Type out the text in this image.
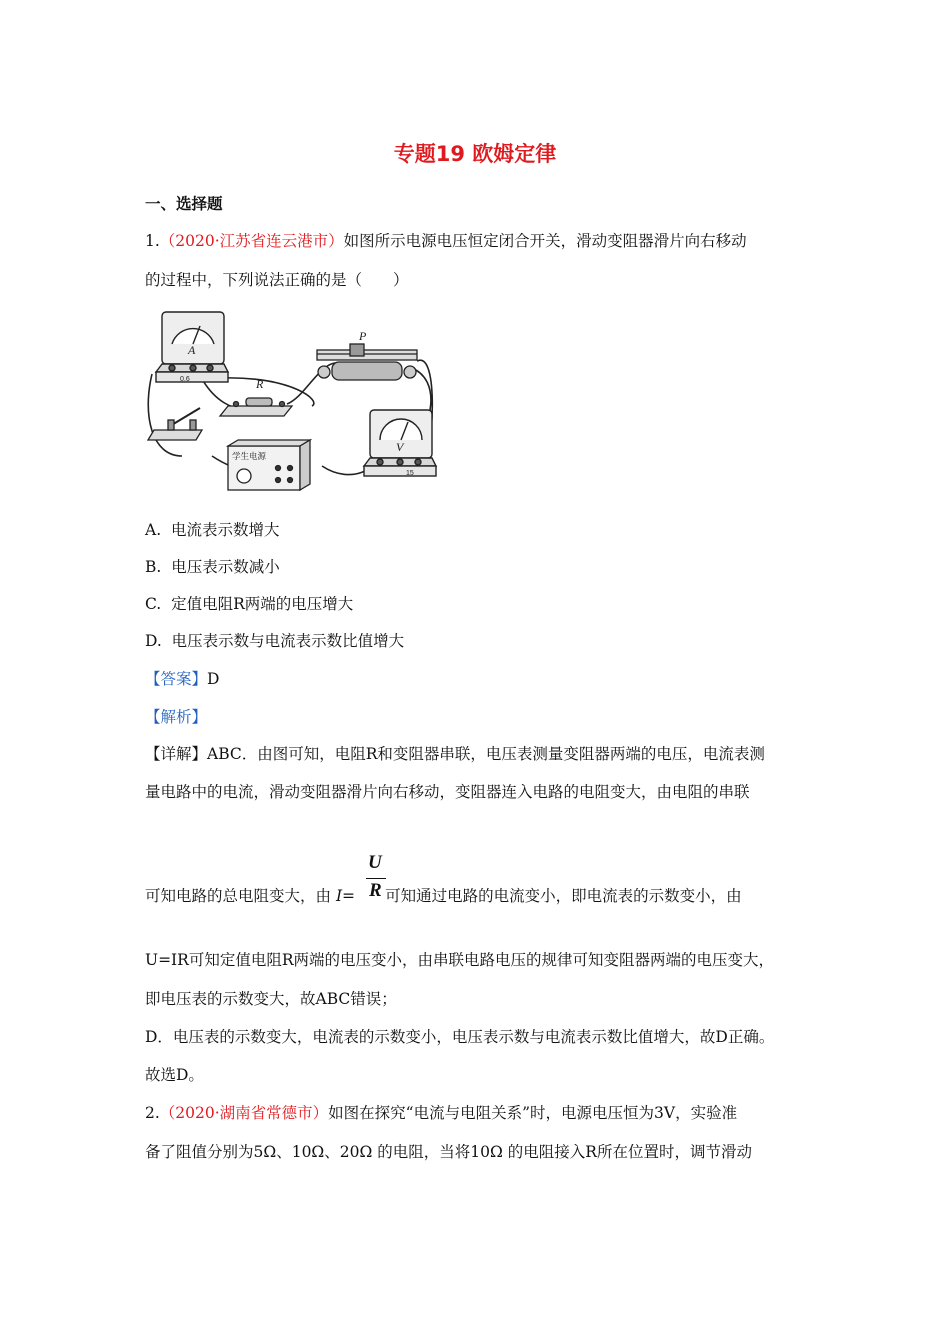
专题19 欧姆定律
一、选择题
1.（2020·江苏省连云港市）如图所示电源电压恒定闭合开关，滑动变阻器滑片向右移动
的过程中，下列说法正确的是（　　）
A
0.6
P
R
学生电源
V
15
A. 电流表示数增大
B. 电压表示数减小
C. 定值电阻R两端的电压增大
D. 电压表示数与电流表示数比值增大
【答案】D
【解析】
【详解】ABC．由图可知，电阻R和变阻器串联，电压表测量变阻器两端的电压，电流表测
量电路中的电流，滑动变阻器滑片向右移动，变阻器连入电路的电阻变大，由电阻的串联
可知电路的总电阻变大，由 I= 可知通过电路的电流变小，即电流表的示数变小，由
U
R
U=IR可知定值电阻R两端的电压变小，由串联电路电压的规律可知变阻器两端的电压变大，
即电压表的示数变大，故ABC错误；
D．电压表的示数变大，电流表的示数变小，电压表示数与电流表示数比值增大，故D正确。
故选D。
2.（2020·湖南省常德市）如图在探究“电流与电阻关系”时，电源电压恒为3V，实验准
备了阻值分别为5Ω、10Ω、20Ω 的电阻，当将10Ω 的电阻接入R所在位置时，调节滑动
